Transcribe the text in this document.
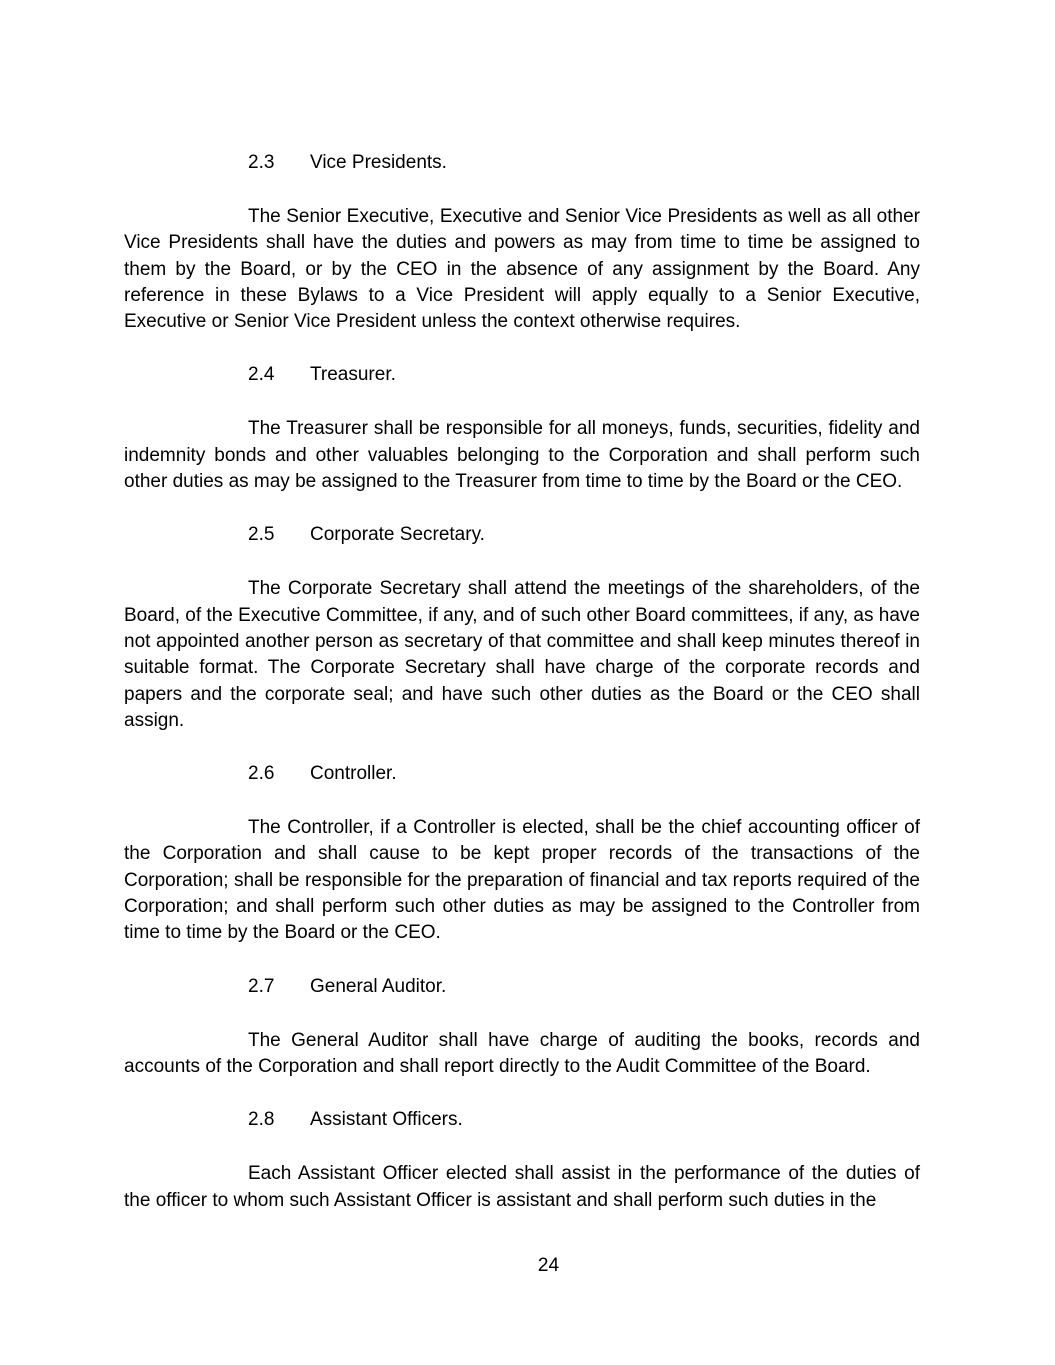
2.3 Vice Presidents.

The Senior Executive, Executive and Senior Vice Presidents as well as all other Vice Presidents shall have the duties and powers as may from time to time be assigned to them by the Board, or by the CEO in the absence of any assignment by the Board. Any reference in these Bylaws to a Vice President will apply equally to a Senior Executive, Executive or Senior Vice President unless the context otherwise requires.

2.4 Treasurer.

The Treasurer shall be responsible for all moneys, funds, securities, fidelity and indemnity bonds and other valuables belonging to the Corporation and shall perform such other duties as may be assigned to the Treasurer from time to time by the Board or the CEO.

2.5 Corporate Secretary.

The Corporate Secretary shall attend the meetings of the shareholders, of the Board, of the Executive Committee, if any, and of such other Board committees, if any, as have not appointed another person as secretary of that committee and shall keep minutes thereof in suitable format. The Corporate Secretary shall have charge of the corporate records and papers and the corporate seal; and have such other duties as the Board or the CEO shall assign.

2.6 Controller.

The Controller, if a Controller is elected, shall be the chief accounting officer of the Corporation and shall cause to be kept proper records of the transactions of the Corporation; shall be responsible for the preparation of financial and tax reports required of the Corporation; and shall perform such other duties as may be assigned to the Controller from time to time by the Board or the CEO.

2.7 General Auditor.

The General Auditor shall have charge of auditing the books, records and accounts of the Corporation and shall report directly to the Audit Committee of the Board.

2.8 Assistant Officers.

Each Assistant Officer elected shall assist in the performance of the duties of the officer to whom such Assistant Officer is assistant and shall perform such duties in the

24
